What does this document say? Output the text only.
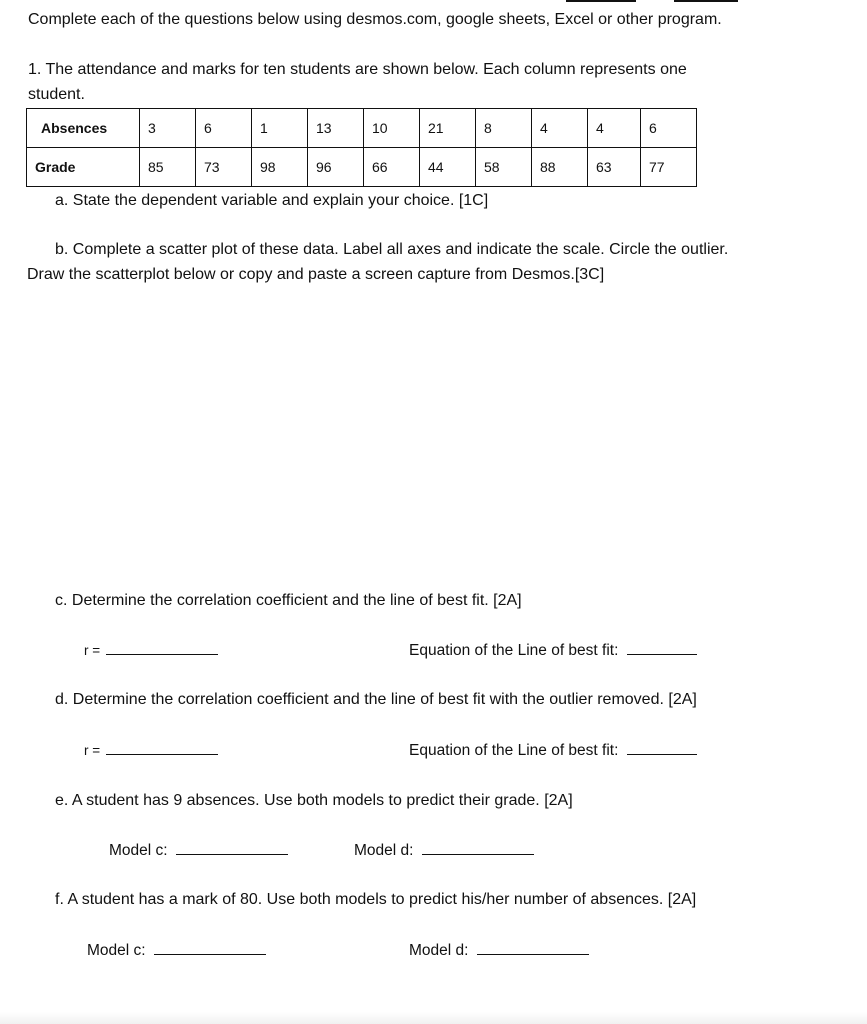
Complete each of the questions below using desmos.com, google sheets, Excel or other program.
1. The attendance and marks for ten students are shown below. Each column represents one
student.
Absences	3	6	1	13	10	21	8	4	4	6
Grade	85	73	98	96	66	44	58	88	63	77
a. State the dependent variable and explain your choice. [1C]
b. Complete a scatter plot of these data. Label all axes and indicate the scale. Circle the outlier.
Draw the scatterplot below or copy and paste a screen capture from Desmos.[3C]
c. Determine the correlation coefficient and the line of best fit. [2A]
r =	Equation of the Line of best fit:
d. Determine the correlation coefficient and the line of best fit with the outlier removed. [2A]
r =	Equation of the Line of best fit:
e. A student has 9 absences. Use both models to predict their grade. [2A]
Model c:	Model d:
f. A student has a mark of 80. Use both models to predict his/her number of absences. [2A]
Model c:	Model d:
